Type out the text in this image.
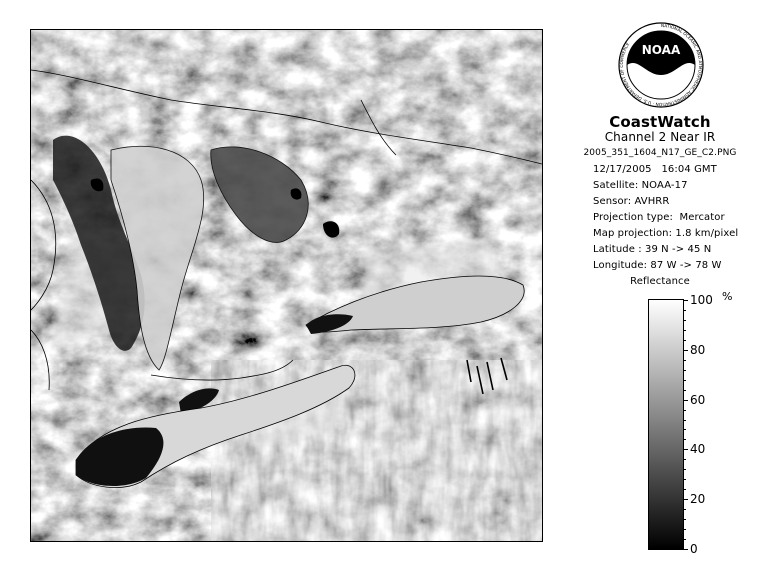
NOAA
NATIONAL OCEANIC AND ATMOSPHERIC ADMINISTRATION · U.S. DEPARTMENT OF COMMERCE
CoastWatch
Channel 2 Near IR
2005_351_1604_N17_GE_C2.PNG
12/17/2005   16:04 GMT
Satellite: NOAA-17
Sensor: AVHRR
Projection type:  Mercator
Map projection: 1.8 km/pixel
Latitude : 39 N -> 45 N
Longitude: 87 W -> 78 W
Reflectance
%
100
80
60
40
20
0
